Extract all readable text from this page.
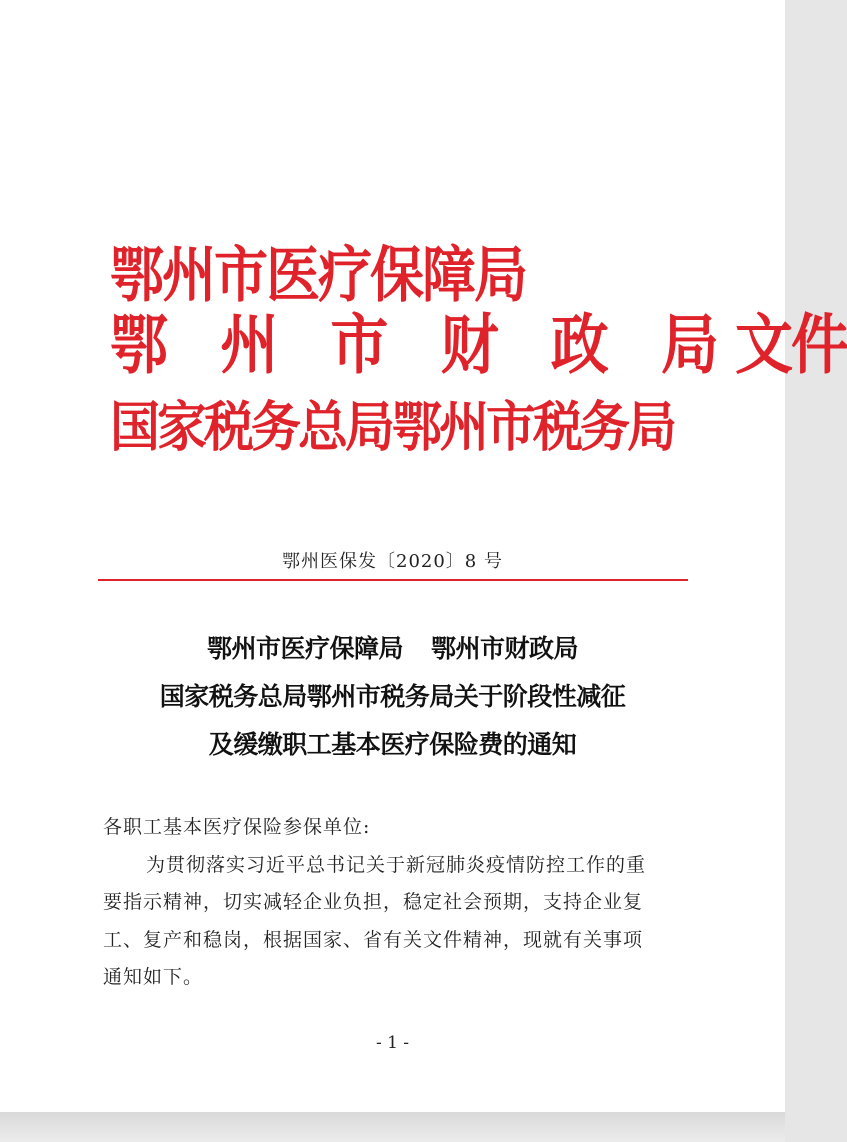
鄂州市医疗保障局
鄂 州 市 财 政 局文件
国家税务总局鄂州市税务局
鄂州医保发〔2020〕8 号
鄂州市医疗保障局 鄂州市财政局
国家税务总局鄂州市税务局关于阶段性减征
及缓缴职工基本医疗保险费的通知
各职工基本医疗保险参保单位:
为贯彻落实习近平总书记关于新冠肺炎疫情防控工作的重
要指示精神，切实减轻企业负担，稳定社会预期，支持企业复
工、复产和稳岗，根据国家、省有关文件精神，现就有关事项
通知如下。
- 1 -
